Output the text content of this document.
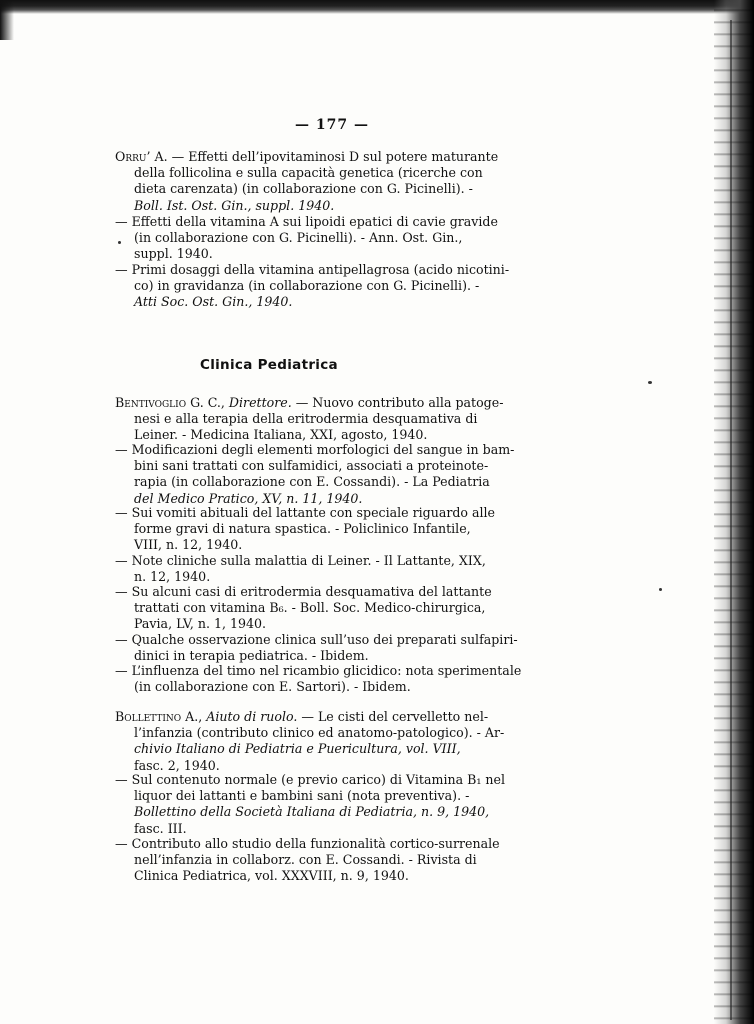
— 177 —
Orru’ A. — Effetti dell’ipovitaminosi D sul potere maturante
della follicolina e sulla capacità genetica (ricerche con
dieta carenzata) (in collaborazione con G. Picinelli). -
Boll. Ist. Ost. Gin., suppl. 1940.
— Effetti della vitamina A sui lipoidi epatici di cavie gravide
(in collaborazione con G. Picinelli). - Ann. Ost. Gin.,
suppl. 1940.
— Primi dosaggi della vitamina antipellagrosa (acido nicotini-
co) in gravidanza (in collaborazione con G. Picinelli). -
Atti Soc. Ost. Gin., 1940.
Clinica Pediatrica
Bentivoglio G. C., Direttore. — Nuovo contributo alla patoge-
nesi e alla terapia della eritrodermia desquamativa di
Leiner. - Medicina Italiana, XXI, agosto, 1940.
— Modificazioni degli elementi morfologici del sangue in bam-
bini sani trattati con sulfamidici, associati a proteinote-
rapia (in collaborazione con E. Cossandi). - La Pediatria
del Medico Pratico, XV, n. 11, 1940.
— Sui vomiti abituali del lattante con speciale riguardo alle
forme gravi di natura spastica. - Policlinico Infantile,
VIII, n. 12, 1940.
— Note cliniche sulla malattia di Leiner. - Il Lattante, XIX,
n. 12, 1940.
— Su alcuni casi di eritrodermia desquamativa del lattante
trattati con vitamina B₆. - Boll. Soc. Medico-chirurgica,
Pavia, LV, n. 1, 1940.
— Qualche osservazione clinica sull’uso dei preparati sulfapiri-
dinici in terapia pediatrica. - Ibidem.
— L’influenza del timo nel ricambio glicidico: nota sperimentale
(in collaborazione con E. Sartori). - Ibidem.
Bollettino A., Aiuto di ruolo. — Le cisti del cervelletto nel-
l’infanzia (contributo clinico ed anatomo-patologico). - Ar-
chivio Italiano di Pediatria e Puericultura, vol. VIII,
fasc. 2, 1940.
— Sul contenuto normale (e previo carico) di Vitamina B₁ nel
liquor dei lattanti e bambini sani (nota preventiva). -
Bollettino della Società Italiana di Pediatria, n. 9, 1940,
fasc. III.
— Contributo allo studio della funzionalità cortico-surrenale
nell’infanzia in collaborz. con E. Cossandi. - Rivista di
Clinica Pediatrica, vol. XXXVIII, n. 9, 1940.
